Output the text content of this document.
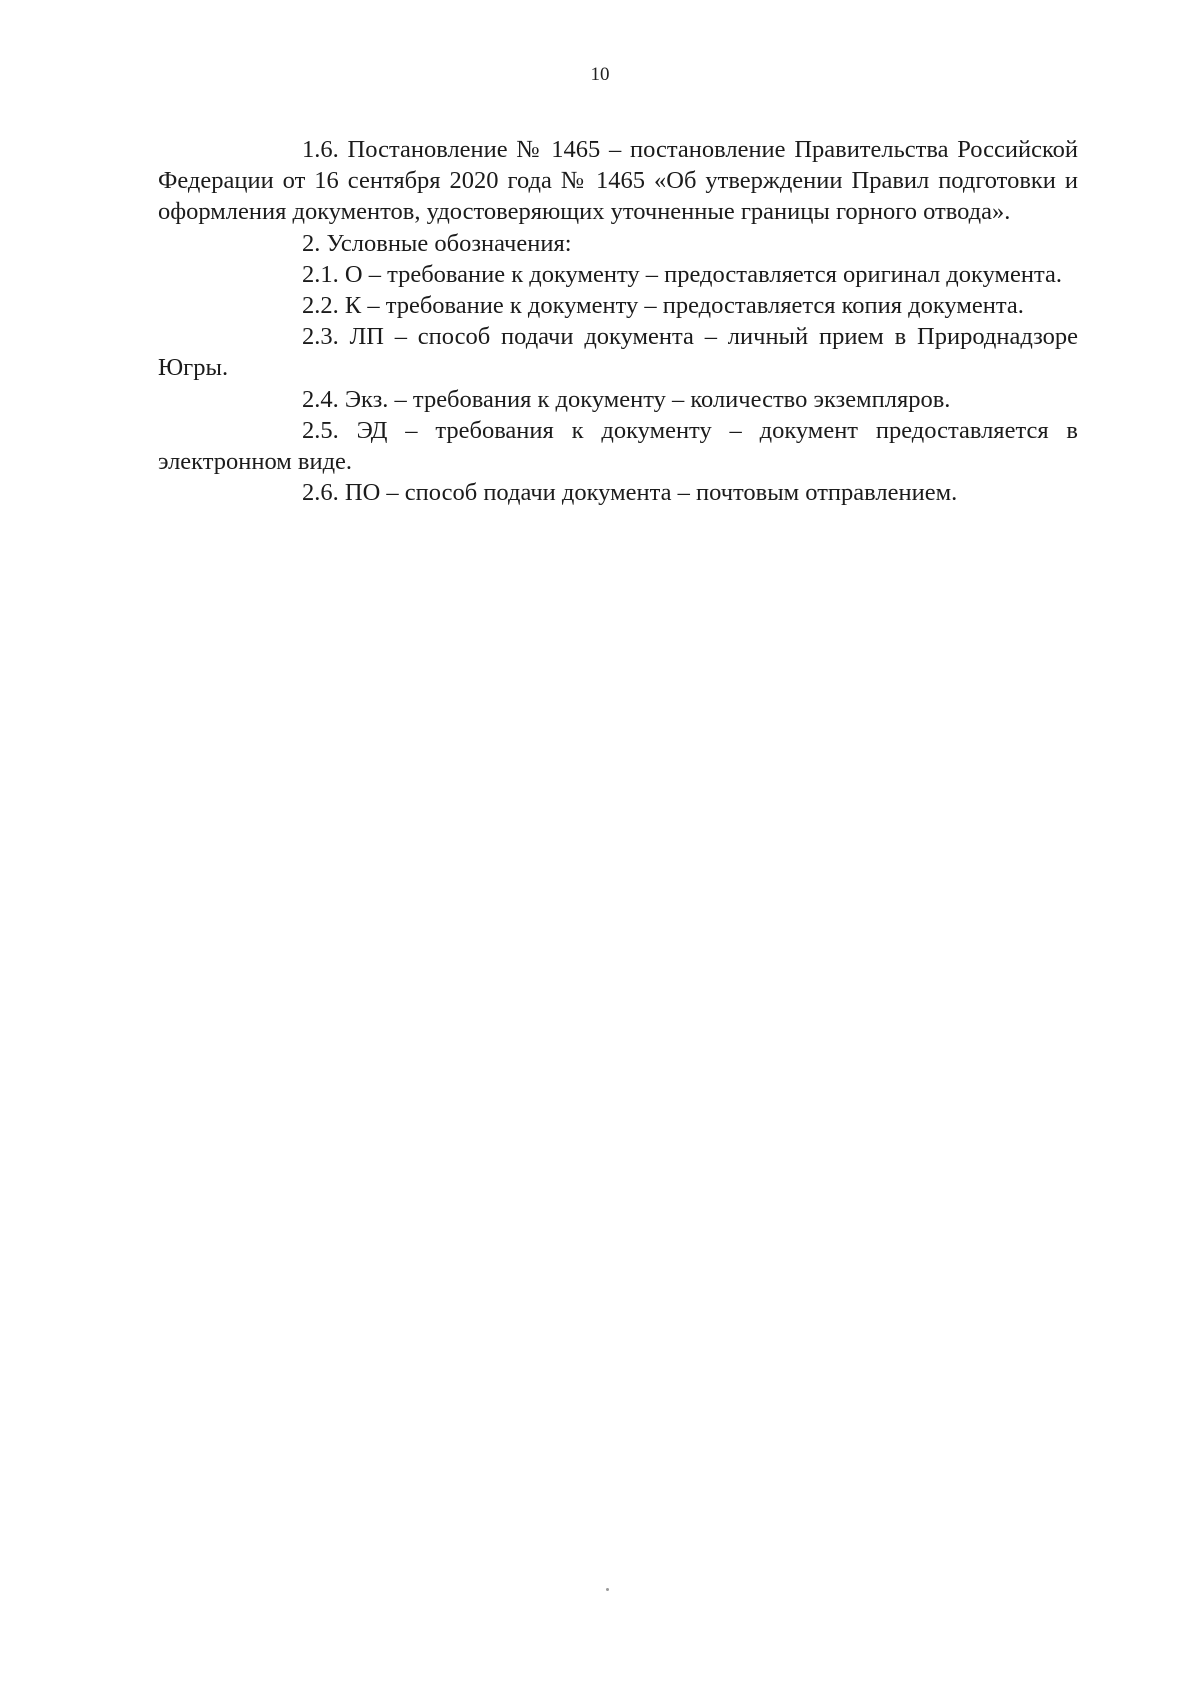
10

1.6. Постановление № 1465 – постановление Правительства Российской Федерации от 16 сентября 2020 года № 1465 «Об утверждении Правил подготовки и оформления документов, удостоверяющих уточненные границы горного отвода».

2. Условные обозначения:

2.1. О – требование к документу – предоставляется оригинал документа.

2.2. К – требование к документу – предоставляется копия документа.

2.3. ЛП – способ подачи документа – личный прием в Природнадзоре Югры.

2.4. Экз. – требования к документу – количество экземпляров.

2.5. ЭД – требования к документу – документ предоставляется в электронном виде.

2.6. ПО – способ подачи документа – почтовым отправлением.
